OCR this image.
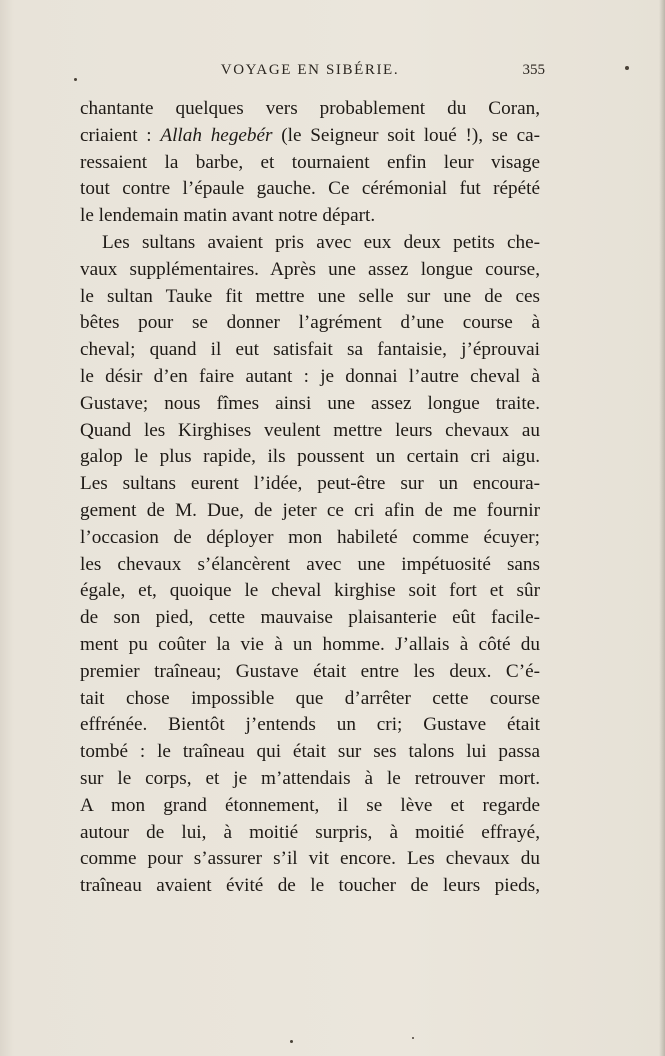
VOYAGE EN SIBÉRIE.	355
chantante quelques vers probablement du Coran,
criaient : Allah hegebér (le Seigneur soit loué !), se ca-
ressaient la barbe, et tournaient enfin leur visage
tout contre l’épaule gauche. Ce cérémonial fut répété
le lendemain matin avant notre départ.
Les sultans avaient pris avec eux deux petits che-
vaux supplémentaires. Après une assez longue course,
le sultan Tauke fit mettre une selle sur une de ces
bêtes pour se donner l’agrément d’une course à
cheval; quand il eut satisfait sa fantaisie, j’éprouvai
le désir d’en faire autant : je donnai l’autre cheval à
Gustave; nous fîmes ainsi une assez longue traite.
Quand les Kirghises veulent mettre leurs chevaux au
galop le plus rapide, ils poussent un certain cri aigu.
Les sultans eurent l’idée, peut-être sur un encoura-
gement de M. Due, de jeter ce cri afin de me fournir
l’occasion de déployer mon habileté comme écuyer;
les chevaux s’élancèrent avec une impétuosité sans
égale, et, quoique le cheval kirghise soit fort et sûr
de son pied, cette mauvaise plaisanterie eût facile-
ment pu coûter la vie à un homme. J’allais à côté du
premier traîneau; Gustave était entre les deux. C’é-
tait chose impossible que d’arrêter cette course
effrénée. Bientôt j’entends un cri; Gustave était
tombé : le traîneau qui était sur ses talons lui passa
sur le corps, et je m’attendais à le retrouver mort.
A mon grand étonnement, il se lève et regarde
autour de lui, à moitié surpris, à moitié effrayé,
comme pour s’assurer s’il vit encore. Les chevaux du
traîneau avaient évité de le toucher de leurs pieds,
